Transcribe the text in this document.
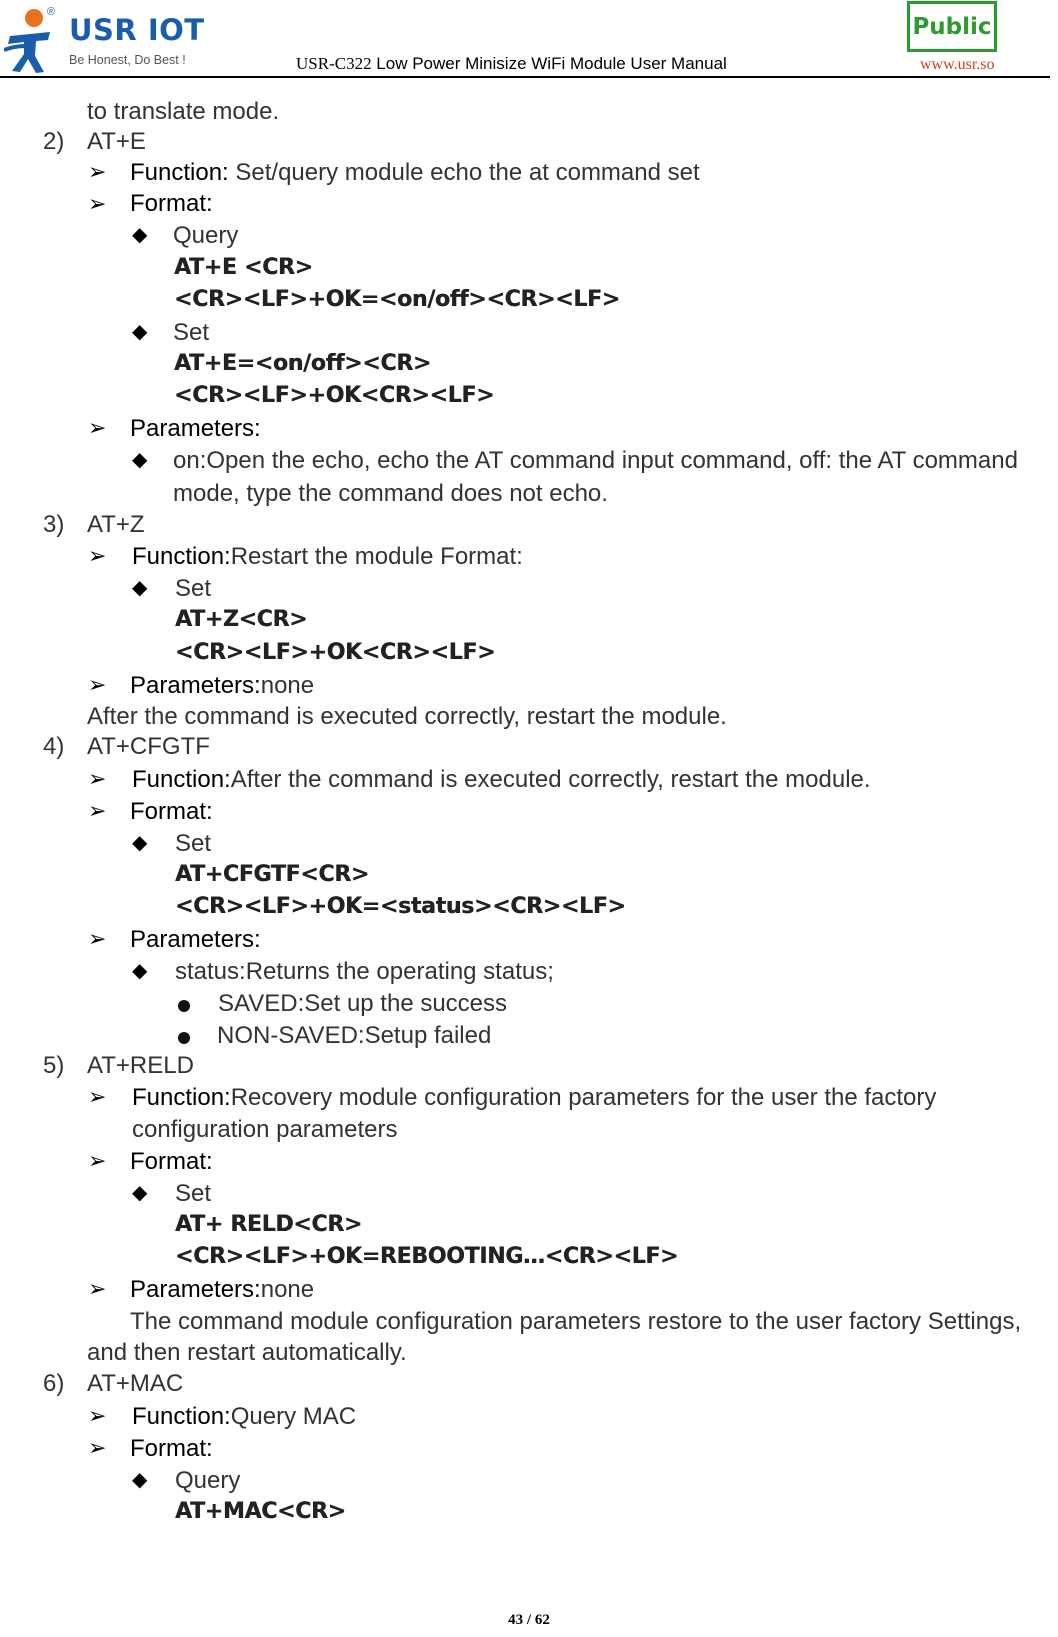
®
USR IOT
Be Honest, Do Best !	USR-C322 Low Power Minisize WiFi Module User Manual
Public
www.usr.so
to translate mode.
2) AT+E
➢ Function: Set/query module echo the at command set
➢ Format:
◆ Query
AT+E <CR>
<CR><LF>+OK=<on/off><CR><LF>
◆ Set
AT+E=<on/off><CR>
<CR><LF>+OK<CR><LF>
➢ Parameters:
◆ on:Open the echo, echo the AT command input command, off: the AT command
mode, type the command does not echo.
3) AT+Z
➢ Function:Restart the module Format:
◆ Set
AT+Z<CR>
<CR><LF>+OK<CR><LF>
➢ Parameters:none
After the command is executed correctly, restart the module.
4) AT+CFGTF
➢ Function:After the command is executed correctly, restart the module.
➢ Format:
◆ Set
AT+CFGTF<CR>
<CR><LF>+OK=<status><CR><LF>
➢ Parameters:
◆ status:Returns the operating status;
SAVED:Set up the success
NON-SAVED:Setup failed
5) AT+RELD
➢ Function:Recovery module configuration parameters for the user the factory
configuration parameters
➢ Format:
◆ Set
AT+ RELD<CR>
<CR><LF>+OK=REBOOTING…<CR><LF>
➢ Parameters:none
The command module configuration parameters restore to the user factory Settings,
and then restart automatically.
6) AT+MAC
➢ Function:Query MAC
➢ Format:
◆ Query
AT+MAC<CR>
43 / 62
